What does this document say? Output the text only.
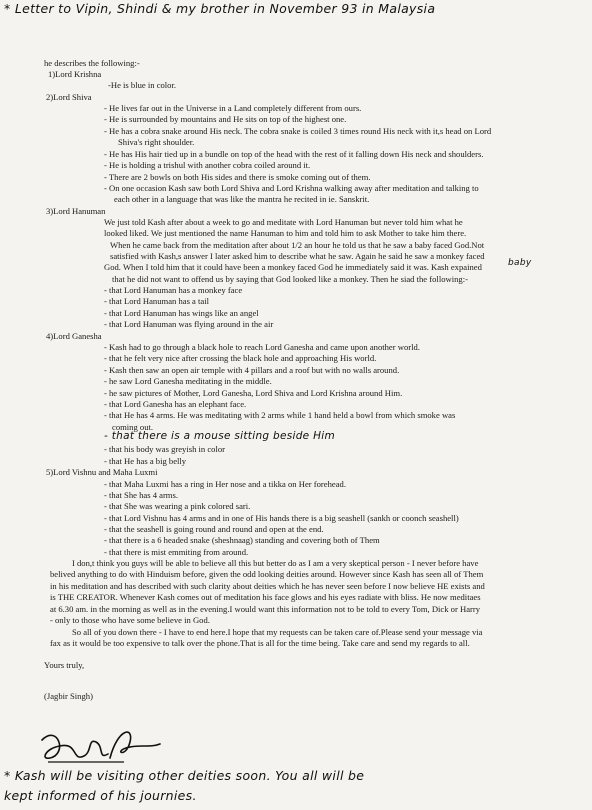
* Letter to Vipin, Shindi & my brother in November 93 in Malaysia
he describes the following:-
1)Lord Krishna
-He is blue in color.
2)Lord Shiva
- He lives far out in the Universe in a Land completely different from ours.
- He is surrounded by mountains and He sits on top of the highest one.
- He has a cobra snake around His neck. The cobra snake is coiled 3 times round His neck with it,s head on Lord
Shiva's right shoulder.
- He has His hair tied up in a bundle on top of the head with the rest of it falling down His neck and shoulders.
- He is holding a trishul with another cobra coiled around it.
- There are 2 bowls on both His sides and there is smoke coming out of them.
- On one occasion Kash saw both Lord Shiva and Lord Krishna walking away after meditation and talking to
each other in a language that was like the mantra he recited in ie. Sanskrit.
3)Lord Hanuman
We just told Kash after about a week to go and meditate with Lord Hanuman but never told him what he
looked liked. We just mentioned the name Hanuman to him and told him to ask Mother to take him there.
When he came back from the meditation after about 1/2 an hour he told us that he saw a baby faced God.Not
satisfied with Kash,s answer I later asked him to describe what he saw. Again he said he saw a monkey faced
God. When I told him that it could have been a monkey faced God he immediately said it was. Kash expained
that he did not want to offend us by saying that God looked like a monkey. Then he siad the following:-
- that Lord Hanuman has a monkey face
- that Lord Hanuman has a tail
- that Lord Hanuman has wings like an angel
- that Lord Hanuman was flying around in the air
4)Lord Ganesha
- Kash had to go through a black hole to reach Lord Ganesha and came upon another world.
- that he felt very nice after crossing the black hole and approaching His world.
- Kash then saw an open air temple with 4 pillars and a roof but with no walls around.
- he saw Lord Ganesha meditating in the middle.
- he saw pictures of Mother, Lord Ganesha, Lord Shiva and Lord Krishna around Him.
- that Lord Ganesha has an elephant face.
- that He has 4 arms. He was meditating with 2 arms while 1 hand held a bowl from which smoke was
coming out.
- that there is a mouse sitting beside Him
- that his body was greyish in color
- that He has a big belly
5)Lord Vishnu and Maha Luxmi
- that Maha Luxmi has a ring in Her nose and a tikka on Her forehead.
- that She has 4 arms.
- that She was wearing a pink colored sari.
- that Lord Vishnu has 4 arms and in one of His hands there is a big seashell (sankh or coonch seashell)
- that the seashell is going round and round and open at the end.
- that there is a 6 headed snake (sheshnaag) standing and covering both of Them
- that there is mist emmiting from around.
I don,t think you guys will be able to believe all this but better do as I am a very skeptical person - I never before have
belived anything to do with Hinduism before, given the odd looking deities around. However since Kash has seen all of Them
in his meditation and has described with such clarity about deities which he has never seen before I now believe HE exists and
is THE CREATOR. Whenever Kash comes out of meditation his face glows and his eyes radiate with bliss. He now meditaes
at 6.30 am. in the morning as well as in the evening.I would want this information not to be told to every Tom, Dick or Harry
- only to those who have some believe in God.
So all of you down there - I have to end here.I hope that my requests can be taken care of.Please send your message via
fax as it would be too expensive to talk over the phone.That is all for the time being. Take care and send my regards to all.
Yours truly,
(Jagbir Singh)
baby
* Kash will be visiting other deities soon. You all will be
kept informed of his journies.
